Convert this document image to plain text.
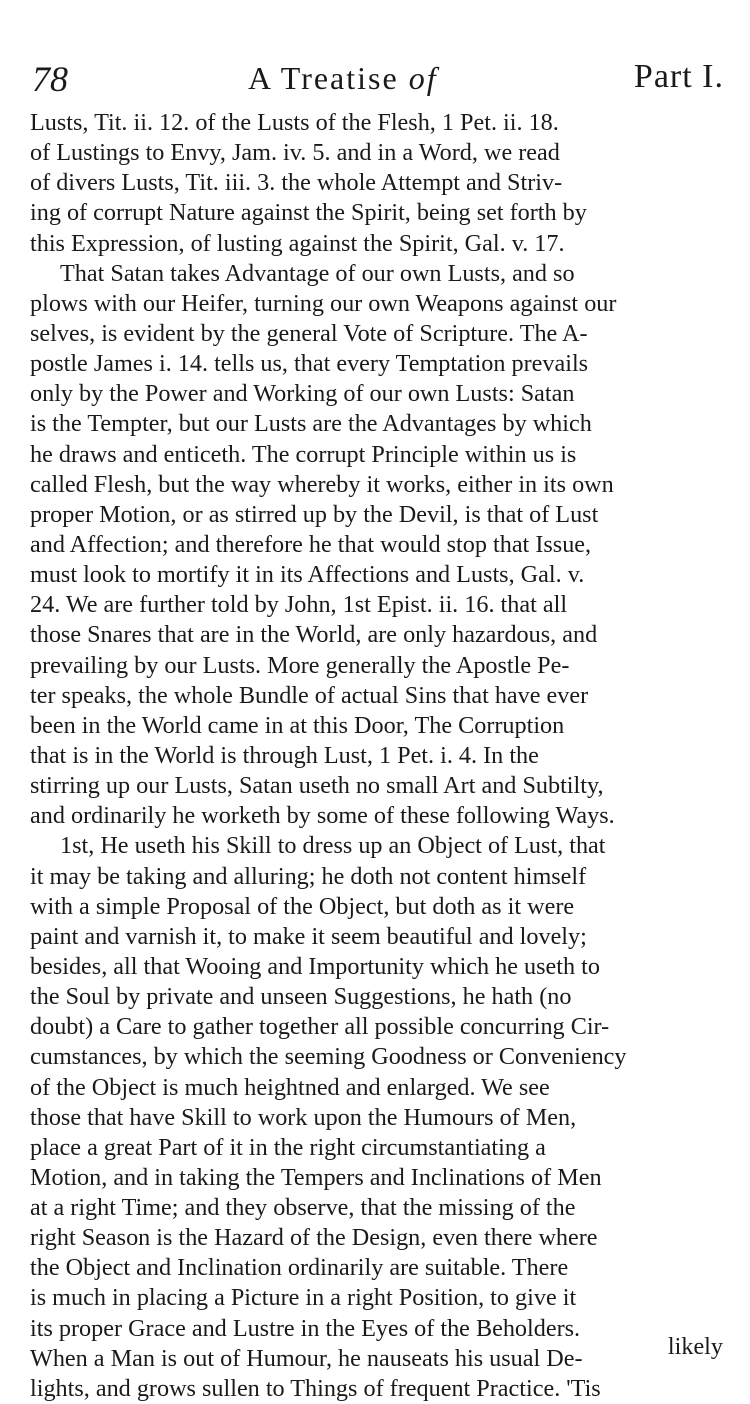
78	A Treatise of	Part I.
Lusts, Tit. ii. 12. of the Lusts of the Flesh, 1 Pet. ii. 18.
of Lustings to Envy, Jam. iv. 5. and in a Word, we read
of divers Lusts, Tit. iii. 3. the whole Attempt and Striv-
ing of corrupt Nature against the Spirit, being set forth by
this Expression, of lusting against the Spirit, Gal. v. 17.
That Satan takes Advantage of our own Lusts, and so
plows with our Heifer, turning our own Weapons against our
selves, is evident by the general Vote of Scripture. The A-
postle James i. 14. tells us, that every Temptation prevails
only by the Power and Working of our own Lusts: Satan
is the Tempter, but our Lusts are the Advantages by which
he draws and enticeth. The corrupt Principle within us is
called Flesh, but the way whereby it works, either in its own
proper Motion, or as stirred up by the Devil, is that of Lust
and Affection; and therefore he that would stop that Issue,
must look to mortify it in its Affections and Lusts, Gal. v.
24. We are further told by John, 1st Epist. ii. 16. that all
those Snares that are in the World, are only hazardous, and
prevailing by our Lusts. More generally the Apostle Pe-
ter speaks, the whole Bundle of actual Sins that have ever
been in the World came in at this Door, The Corruption
that is in the World is through Lust, 1 Pet. i. 4. In the
stirring up our Lusts, Satan useth no small Art and Subtilty,
and ordinarily he worketh by some of these following Ways.
1st, He useth his Skill to dress up an Object of Lust, that
it may be taking and alluring; he doth not content himself
with a simple Proposal of the Object, but doth as it were
paint and varnish it, to make it seem beautiful and lovely;
besides, all that Wooing and Importunity which he useth to
the Soul by private and unseen Suggestions, he hath (no
doubt) a Care to gather together all possible concurring Cir-
cumstances, by which the seeming Goodness or Conveniency
of the Object is much heightned and enlarged. We see
those that have Skill to work upon the Humours of Men,
place a great Part of it in the right circumstantiating a
Motion, and in taking the Tempers and Inclinations of Men
at a right Time; and they observe, that the missing of the
right Season is the Hazard of the Design, even there where
the Object and Inclination ordinarily are suitable. There
is much in placing a Picture in a right Position, to give it
its proper Grace and Lustre in the Eyes of the Beholders.
When a Man is out of Humour, he nauseats his usual De-
lights, and grows sullen to Things of frequent Practice. 'Tis
likely
